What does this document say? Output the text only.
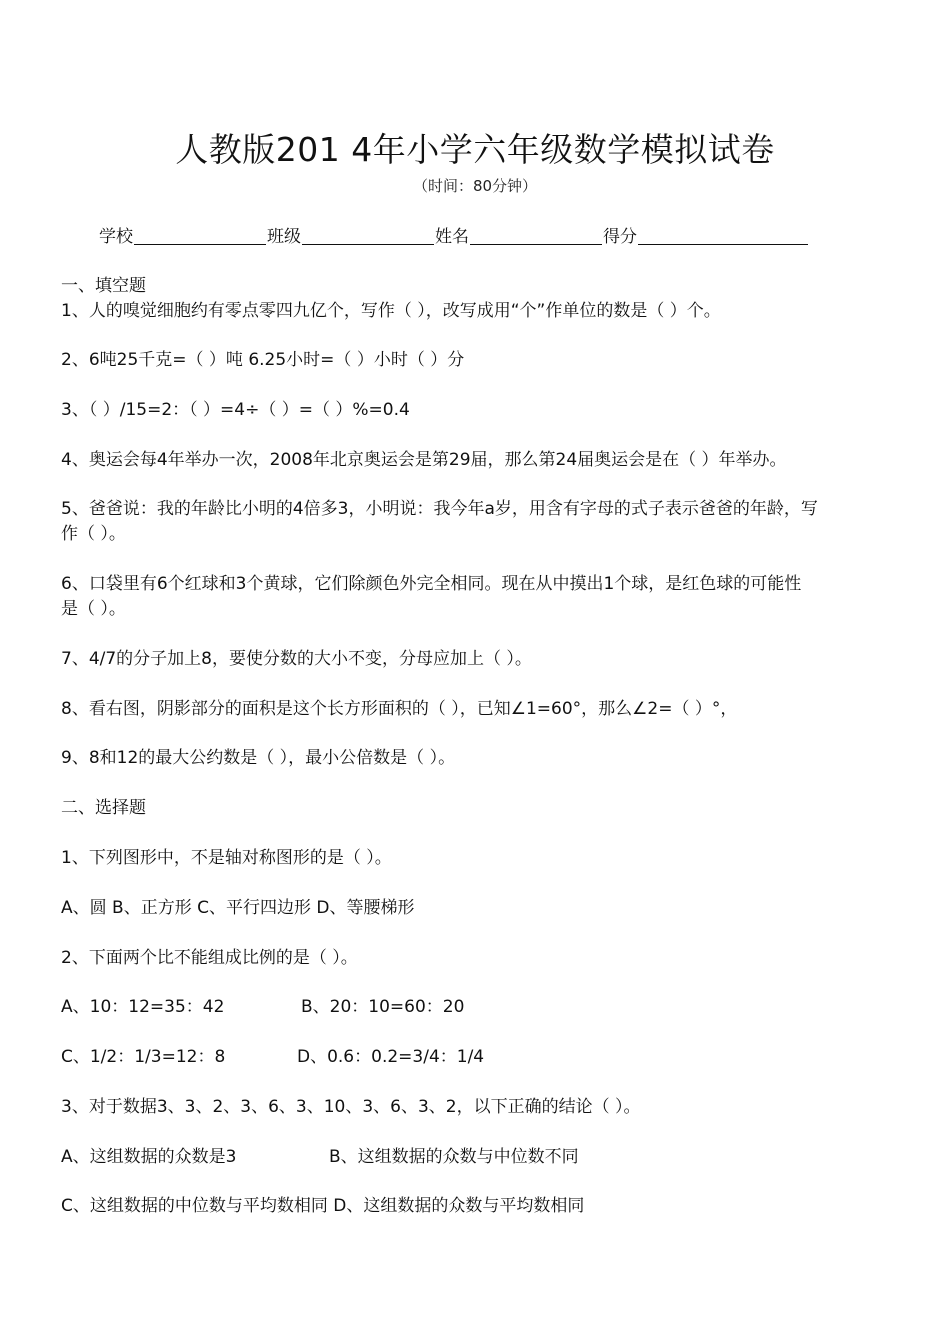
人教版201 4年小学六年级数学模拟试卷
（时间：80分钟）
学校	班级	姓名	得分
一、填空题
1、人的嗅觉细胞约有零点零四九亿个，写作（ ），改写成用“个”作单位的数是（ ）个。
2、6吨25千克=（ ）吨 6.25小时=（ ）小时（ ）分
3、（ ）/15=2：（ ）=4÷（ ）=（ ）%=0.4
4、奥运会每4年举办一次，2008年北京奥运会是第29届，那么第24届奥运会是在（ ）年举办。
5、爸爸说：我的年龄比小明的4倍多3，小明说：我今年a岁，用含有字母的式子表示爸爸的年龄，写
作（ ）。
6、口袋里有6个红球和3个黄球，它们除颜色外完全相同。现在从中摸出1个球，是红色球的可能性
是（ ）。
7、4/7的分子加上8，要使分数的大小不变，分母应加上（ ）。
8、看右图，阴影部分的面积是这个长方形面积的（ ），已知∠1=60°，那么∠2=（ ）°，
9、8和12的最大公约数是（ ），最小公倍数是（ ）。
二、选择题
1、下列图形中，不是轴对称图形的是（ ）。
A、圆 B、正方形 C、平行四边形 D、等腰梯形
2、下面两个比不能组成比例的是（ ）。
A、10：12=35：42	B、20：10=60：20
C、1/2：1/3=12：8	D、0.6：0.2=3/4：1/4
3、对于数据3、3、2、3、6、3、10、3、6、3、2，以下正确的结论（ ）。
A、这组数据的众数是3	B、这组数据的众数与中位数不同
C、这组数据的中位数与平均数相同 D、这组数据的众数与平均数相同
